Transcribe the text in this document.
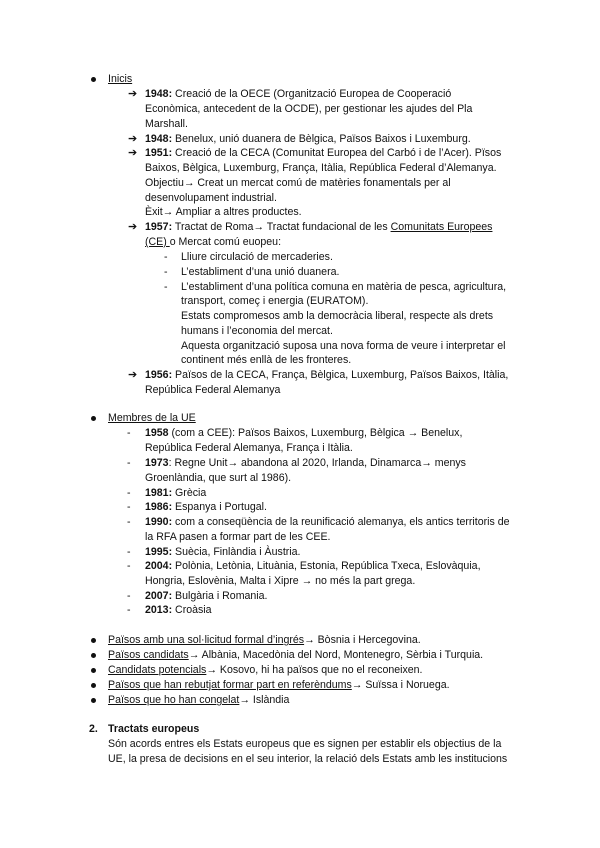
Inicis
➔ 1948: Creació de la OECE (Organització Europea de Cooperació
Econòmica, antecedent de la OCDE), per gestionar les ajudes del Pla
Marshall.
➔ 1948: Benelux, unió duanera de Bèlgica, Països Baixos i Luxemburg.
➔ 1951: Creació de la CECA (Comunitat Europea del Carbó i de l’Acer). Pïsos
Baixos, Bèlgica, Luxemburg, França, Itàlia, República Federal d’Alemanya.
Objectiu→ Creat un mercat comú de matèries fonamentals per al
desenvolupament industrial.
Èxit→ Ampliar a altres productes.
➔ 1957: Tractat de Roma→ Tractat fundacional de les Comunitats Europees
(CE) o Mercat comú euopeu:
- Lliure circulació de mercaderies.
- L’establiment d’una unió duanera.
- L’establiment d’una política comuna en matèria de pesca, agricultura,
transport, começ i energia (EURATOM).
Estats compromesos amb la democràcia liberal, respecte als drets
humans i l’economia del mercat.
Aquesta organització suposa una nova forma de veure i interpretar el
continent més enllà de les fronteres.
➔ 1956: Països de la CECA, França, Bèlgica, Luxemburg, Països Baixos, Itàlia,
República Federal Alemanya
Membres de la UE
- 1958 (com a CEE): Països Baixos, Luxemburg, Bèlgica → Benelux,
República Federal Alemanya, França i Itàlia.
- 1973: Regne Unit→ abandona al 2020, Irlanda, Dinamarca→ menys
Groenlàndia, que surt al 1986).
- 1981: Grècia
- 1986: Espanya i Portugal.
- 1990: com a conseqüència de la reunificació alemanya, els antics territoris de
la RFA pasen a formar part de les CEE.
- 1995: Suècia, Finlàndia i Àustria.
- 2004: Polònia, Letònia, Lituània, Estonia, República Txeca, Eslovàquia,
Hongria, Eslovènia, Malta i Xipre → no més la part grega.
- 2007: Bulgària i Romania.
- 2013: Croàsia
Països amb una sol·licitud formal d’ingrés→ Bòsnia i Hercegovina.
Països candidats→ Albània, Macedònia del Nord, Montenegro, Sèrbia i Turquia.
Candidats potencials→ Kosovo, hi ha països que no el reconeixen.
Països que han rebutjat formar part en referèndums→ Suïssa i Noruega.
Països que ho han congelat→ Islàndia
2. Tractats europeus
Són acords entres els Estats europeus que es signen per establir els objectius de la
UE, la presa de decisions en el seu interior, la relació dels Estats amb les institucions
